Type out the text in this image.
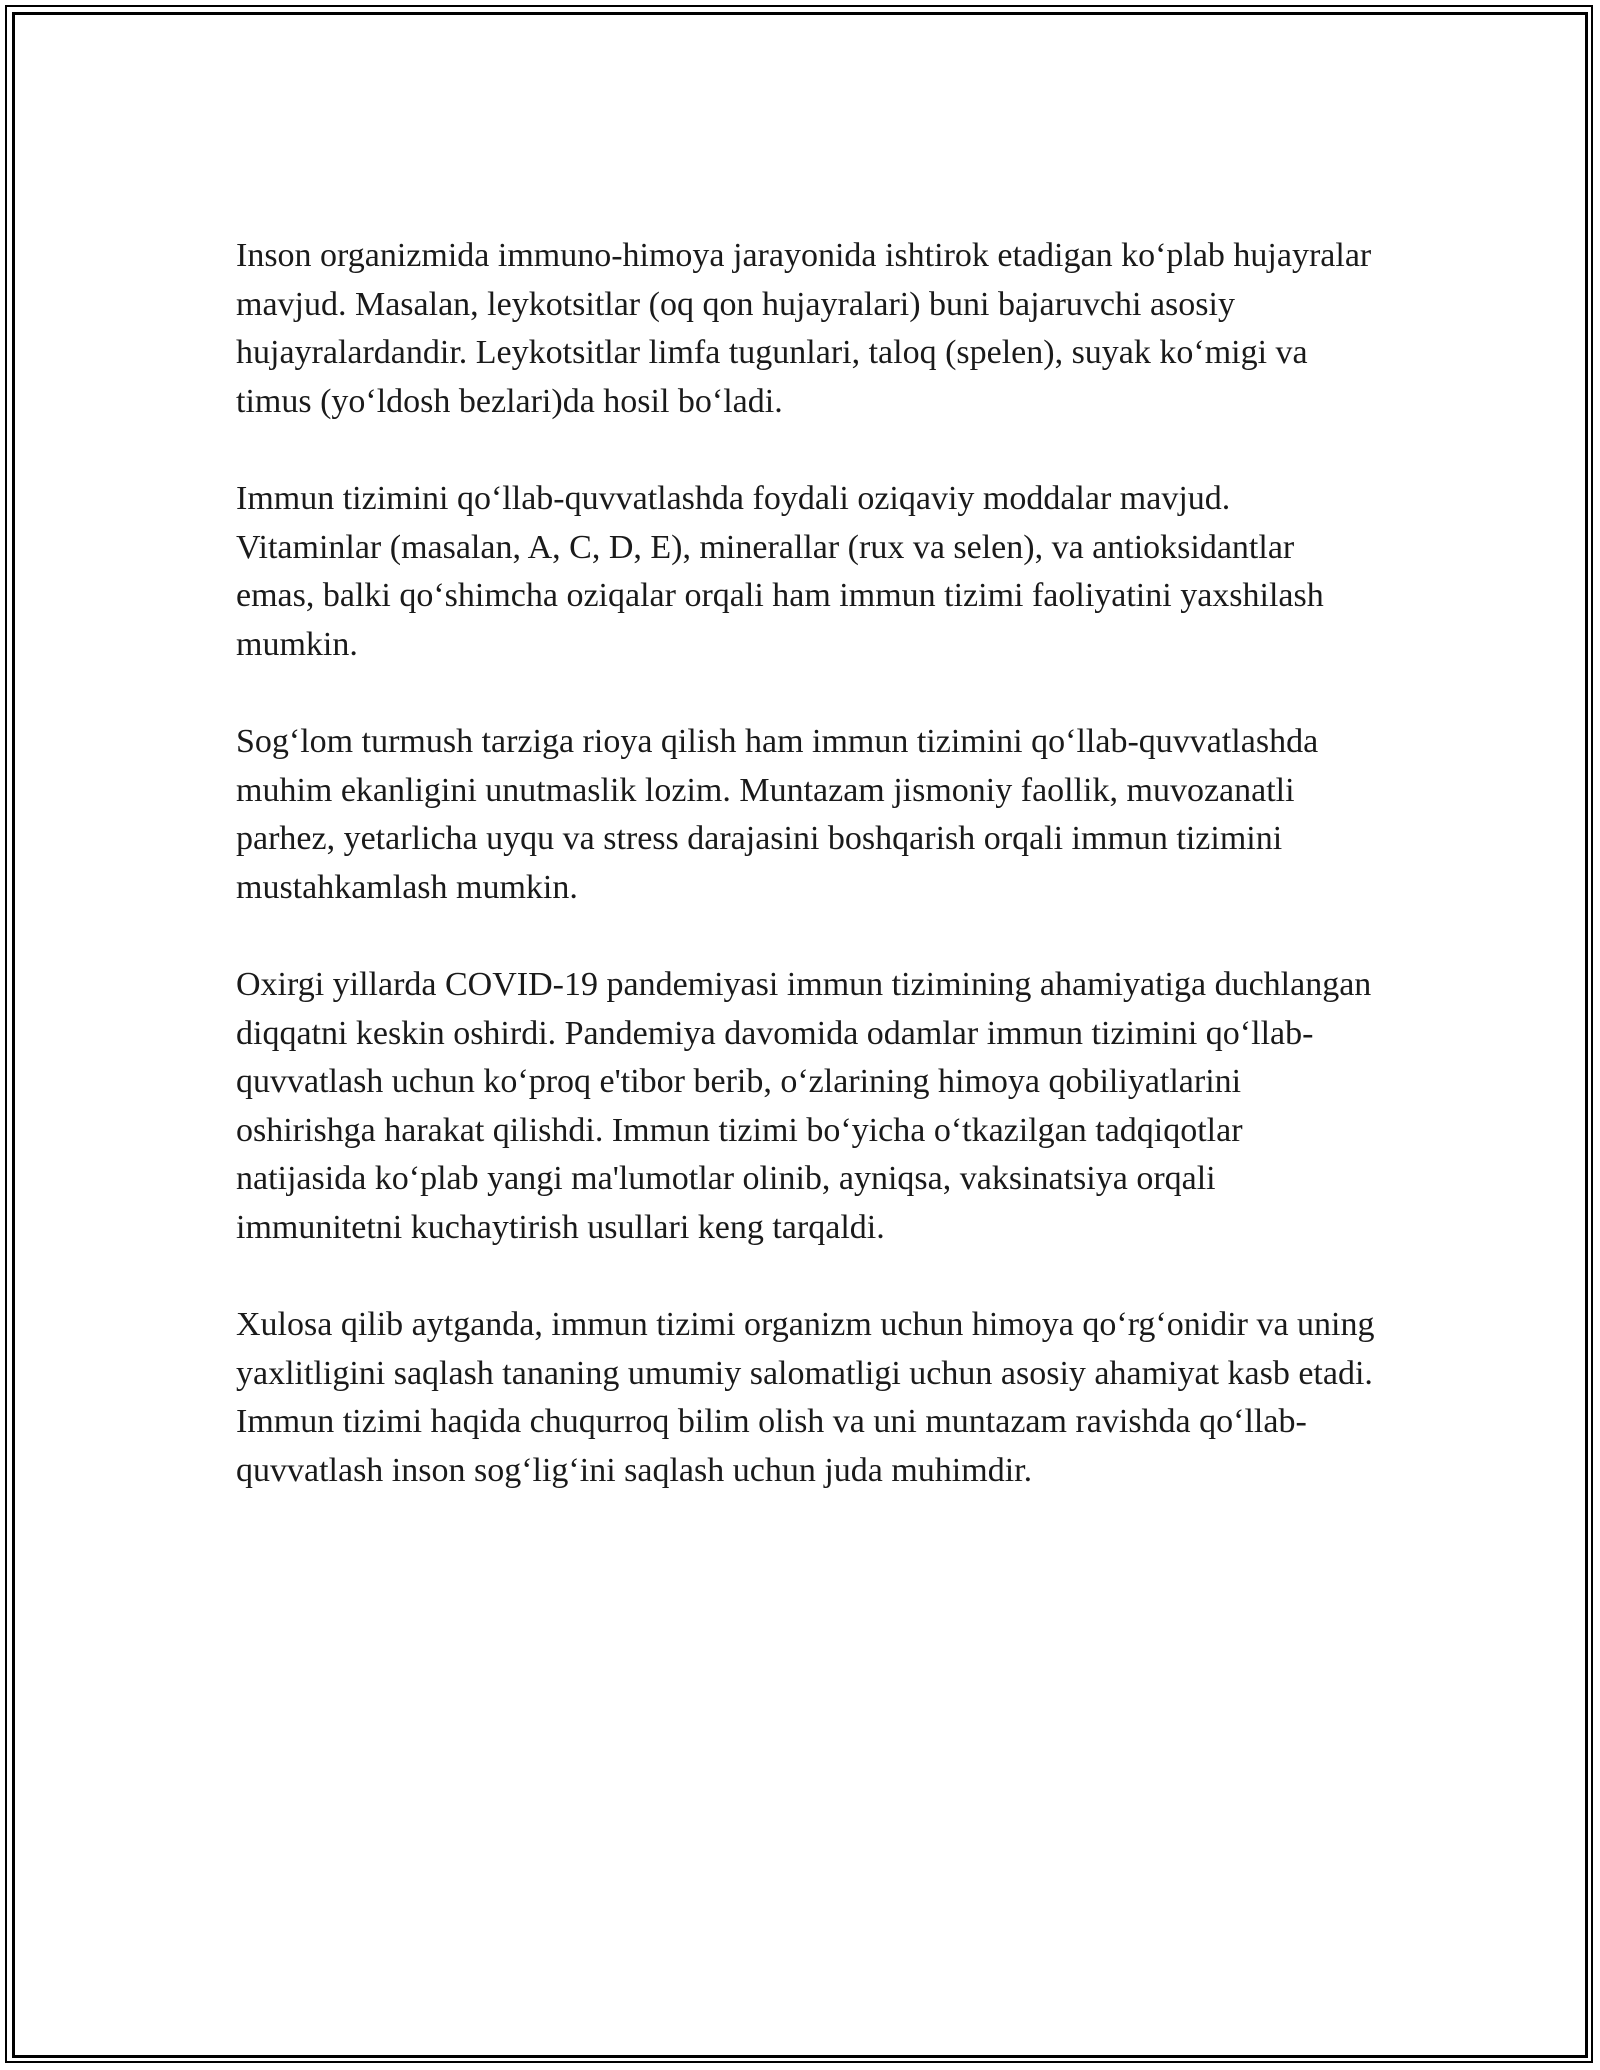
Inson organizmida immuno-himoya jarayonida ishtirok etadigan ko‘plab hujayralar mavjud. Masalan, leykotsitlar (oq qon hujayralari) buni bajaruvchi asosiy hujayralardandir. Leykotsitlar limfa tugunlari, taloq (spelen), suyak ko‘migi va timus (yo‘ldosh bezlari)da hosil bo‘ladi.

Immun tizimini qo‘llab-quvvatlashda foydali oziqaviy moddalar mavjud. Vitaminlar (masalan, A, C, D, E), minerallar (rux va selen), va antioksidantlar emas, balki qo‘shimcha oziqalar orqali ham immun tizimi faoliyatini yaxshilash mumkin.

Sog‘lom turmush tarziga rioya qilish ham immun tizimini qo‘llab-quvvatlashda muhim ekanligini unutmaslik lozim. Muntazam jismoniy faollik, muvozanatli parhez, yetarlicha uyqu va stress darajasini boshqarish orqali immun tizimini mustahkamlash mumkin.

Oxirgi yillarda COVID-19 pandemiyasi immun tizimining ahamiyatiga duchlangan diqqatni keskin oshirdi. Pandemiya davomida odamlar immun tizimini qo‘llab-quvvatlash uchun ko‘proq e'tibor berib, o‘zlarining himoya qobiliyatlarini oshirishga harakat qilishdi. Immun tizimi bo‘yicha o‘tkazilgan tadqiqotlar natijasida ko‘plab yangi ma'lumotlar olinib, ayniqsa, vaksinatsiya orqali immunitetni kuchaytirish usullari keng tarqaldi.

Xulosa qilib aytganda, immun tizimi organizm uchun himoya qo‘rg‘onidir va uning yaxlitligini saqlash tananing umumiy salomatligi uchun asosiy ahamiyat kasb etadi. Immun tizimi haqida chuqurroq bilim olish va uni muntazam ravishda qo‘llab-quvvatlash inson sog‘lig‘ini saqlash uchun juda muhimdir.
